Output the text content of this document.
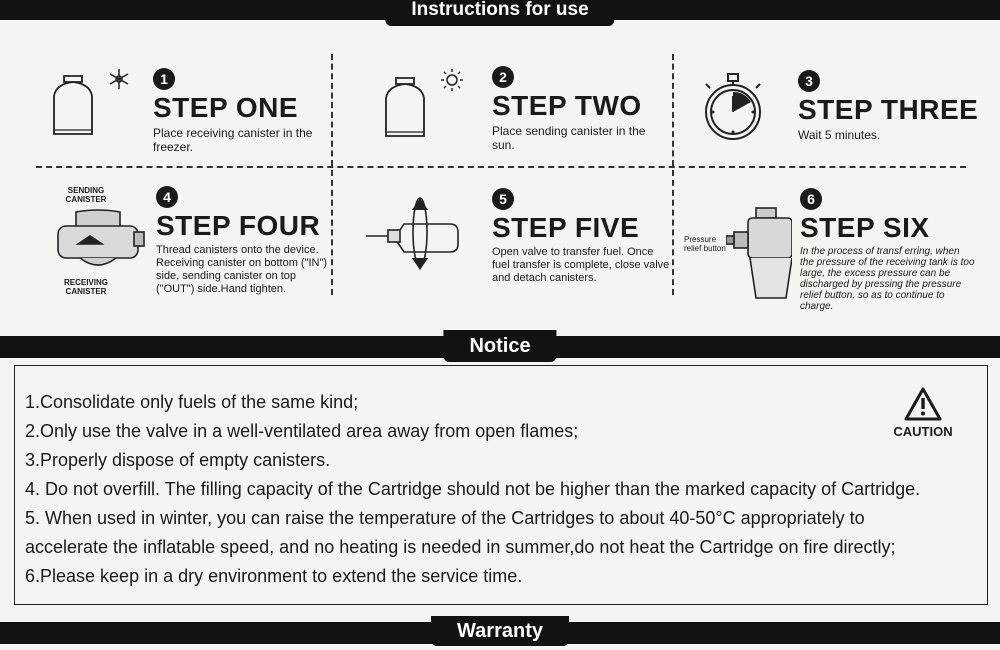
Instructions for use
1
STEP ONE
Place receiving canister in the freezer.
2
STEP TWO
Place sending canister in the sun.
3
STEP THREE
Wait 5 minutes.
SENDING CANISTER
RECEIVING CANISTER
4
STEP FOUR
Thread canisters onto the device. Receiving canister on bottom ("IN") side, sending canister on top ("OUT") side.Hand tighten.
5
STEP FIVE
Open valve to transfer fuel. Once fuel transfer is complete, close valve and detach canisters.
Pressure relief button
6
STEP SIX
In the process of transf erring, when the pressure of the receiving tank is too large, the excess pressure can be discharged by pressing the pressure relief button, so as to continue to charge.
Notice
1.Consolidate only fuels of the same kind;
2.Only use the valve in a well-ventilated area away from open flames;
3.Properly dispose of empty canisters.
4. Do not overfill. The filling capacity of the Cartridge should not be higher than the marked capacity of Cartridge.
5. When used in winter, you can raise the temperature of the Cartridges to about 40-50°C appropriately to
accelerate the inflatable speed, and no heating is needed in summer,do not heat the Cartridge on fire directly;
6.Please keep in a dry environment to extend the service time.
CAUTION
Warranty
